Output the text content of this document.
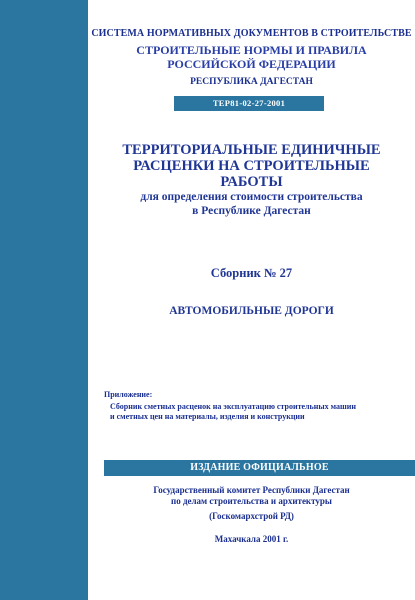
СИСТЕМА НОРМАТИВНЫХ ДОКУМЕНТОВ В СТРОИТЕЛЬСТВЕ
СТРОИТЕЛЬНЫЕ НОРМЫ И ПРАВИЛА
РОССИЙСКОЙ ФЕДЕРАЦИИ
РЕСПУБЛИКА ДАГЕСТАН
ТЕР81-02-27-2001
ТЕРРИТОРИАЛЬНЫЕ ЕДИНИЧНЫЕ
РАСЦЕНКИ НА СТРОИТЕЛЬНЫЕ
РАБОТЫ
для определения стоимости строительства
в Республике Дагестан
Сборник № 27
АВТОМОБИЛЬНЫЕ ДОРОГИ
Приложение:
Сборник сметных расценок на эксплуатацию строительных машин
и сметных цен на материалы, изделия и конструкции
ИЗДАНИЕ ОФИЦИАЛЬНОЕ
Государственный комитет Республики Дагестан
по делам строительства и архитектуры
(Госкомархстрой РД)
Махачкала 2001 г.
